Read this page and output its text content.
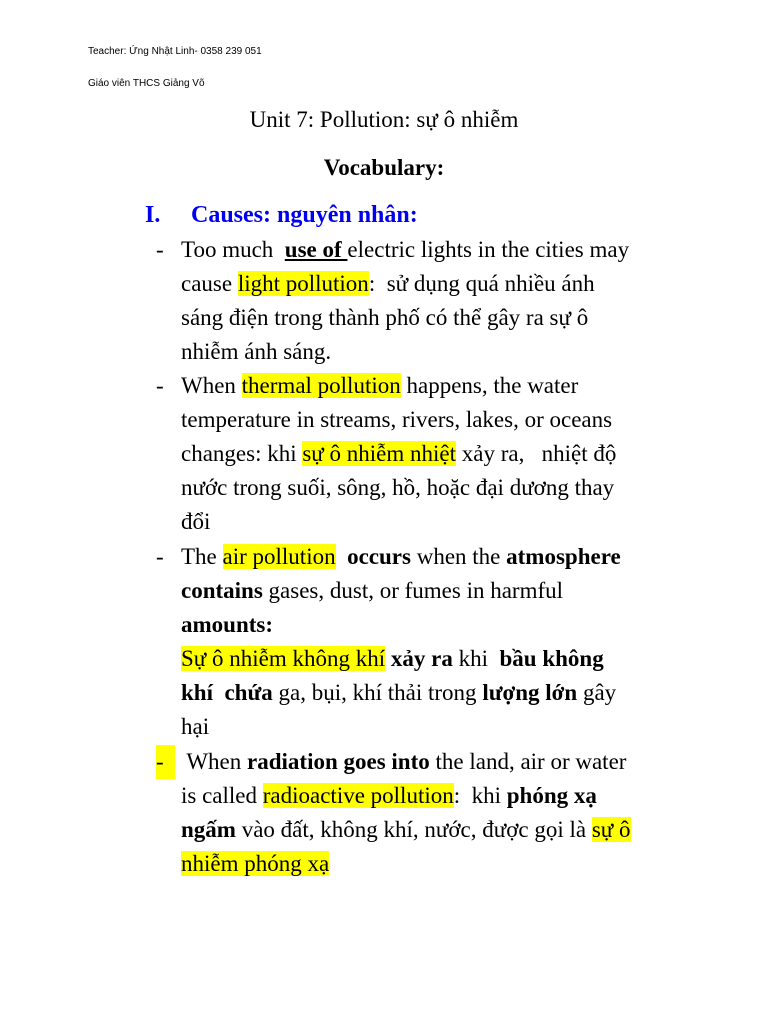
Teacher: Ứng Nhật Linh- 0358 239 051
Giáo viên THCS Giảng Võ
Unit 7: Pollution: sự ô nhiễm
Vocabulary:
I. Causes: nguyên nhân:
- Too much  use of electric lights in the cities may
cause light pollution:  sử dụng quá nhiều ánh
sáng điện trong thành phố có thể gây ra sự ô
nhiễm ánh sáng.
- When thermal pollution happens, the water
temperature in streams, rivers, lakes, or oceans
changes: khi sự ô nhiễm nhiệt xảy ra,   nhiệt độ
nước trong suối, sông, hồ, hoặc đại dương thay
đổi
- The air pollution  occurs when the atmosphere
contains gases, dust, or fumes in harmful
amounts:
Sự ô nhiễm không khí xảy ra khi  bầu không
khí  chứa ga, bụi, khí thải trong lượng lớn gây
hại
- When radiation goes into the land, air or water
is called radioactive pollution:  khi phóng xạ
ngấm vào đất, không khí, nước, được gọi là sự ô
nhiễm phóng xạ
